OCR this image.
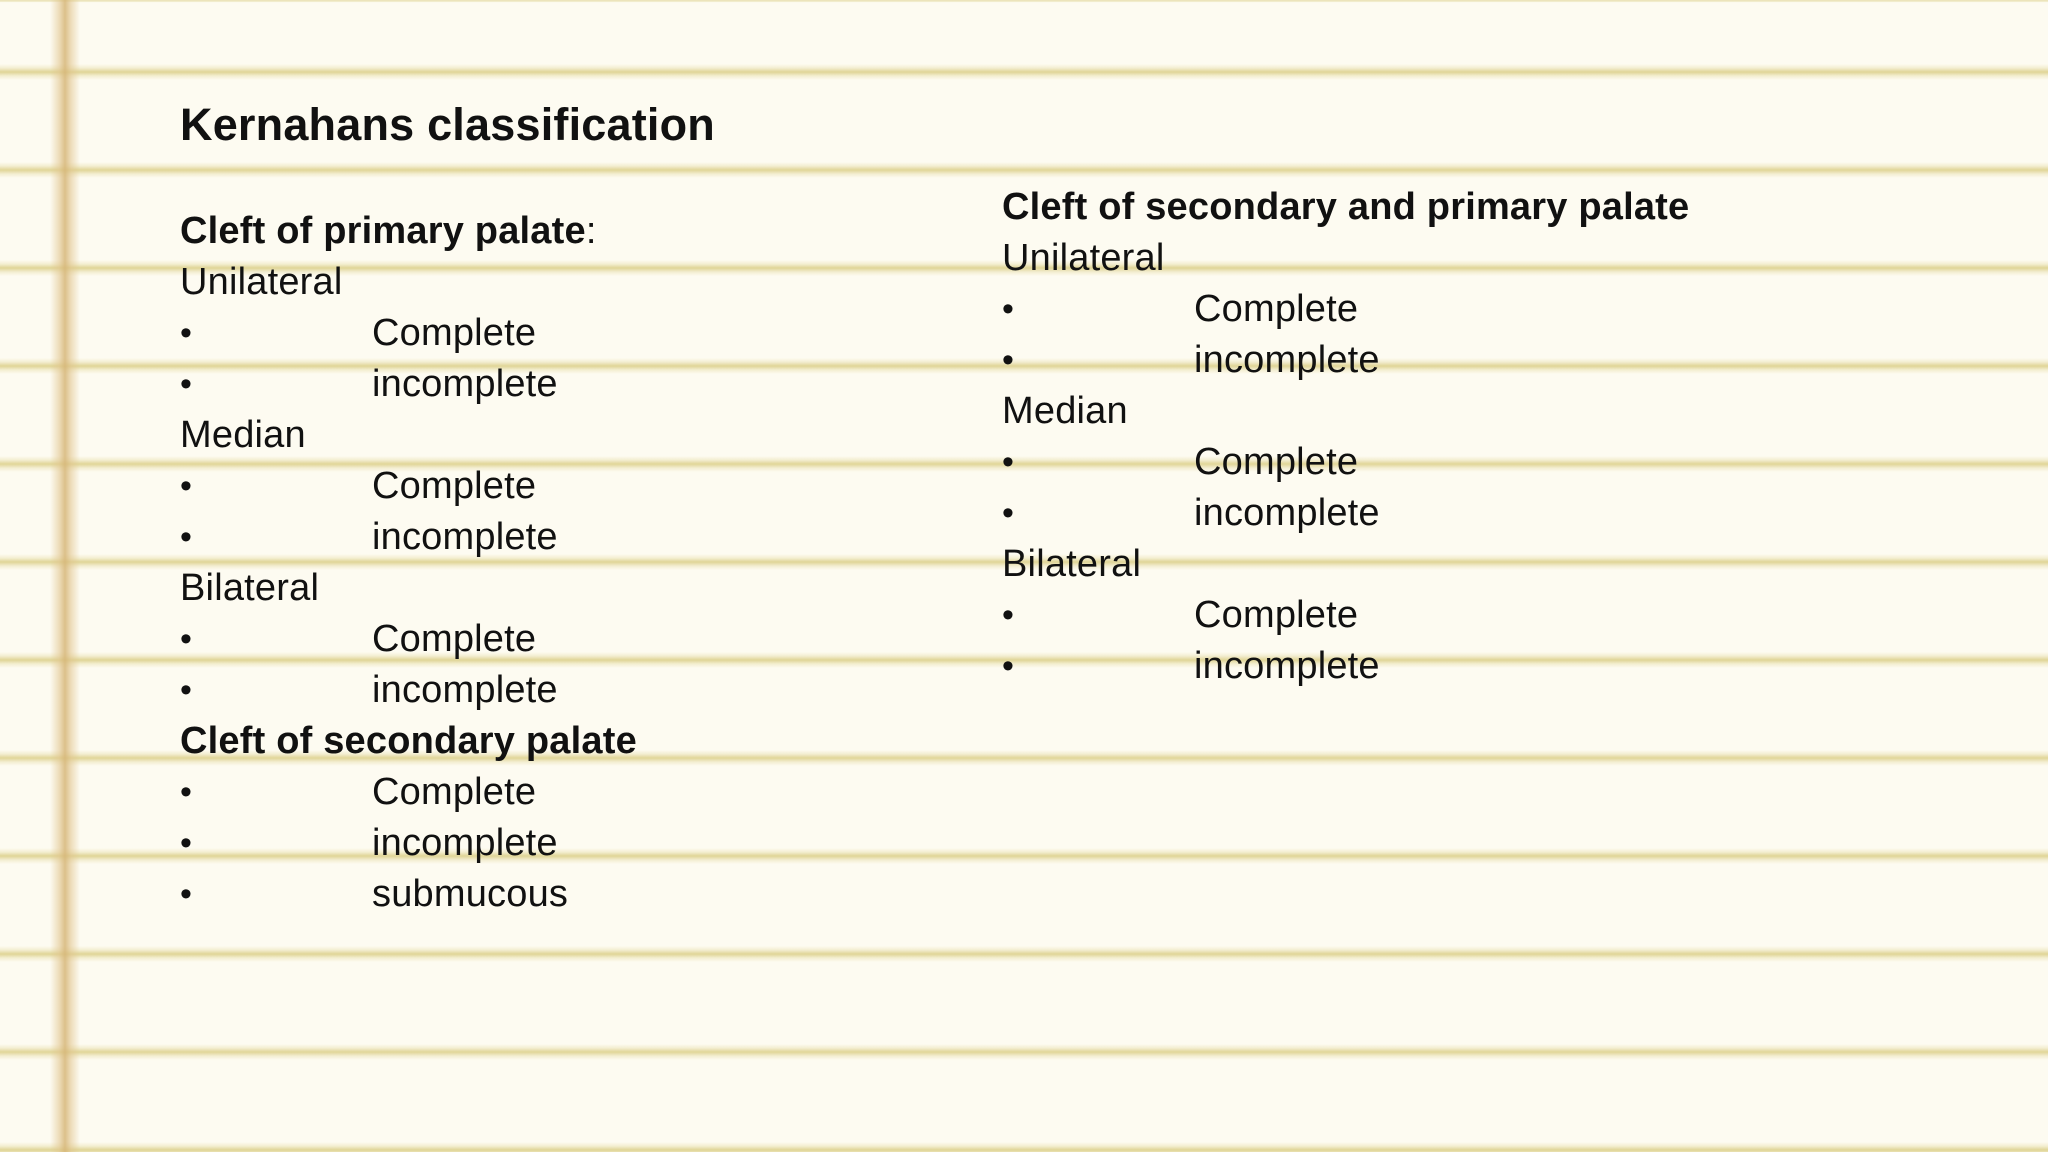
Kernahans classification
Cleft of primary palate:
Unilateral
•	Complete
•	incomplete
Median
•	Complete
•	incomplete
Bilateral
•	Complete
•	incomplete
Cleft of secondary palate
•	Complete
•	incomplete
•	submucous
Cleft of secondary and primary palate
Unilateral
•	Complete
•	incomplete
Median
•	Complete
•	incomplete
Bilateral
•	Complete
•	incomplete
